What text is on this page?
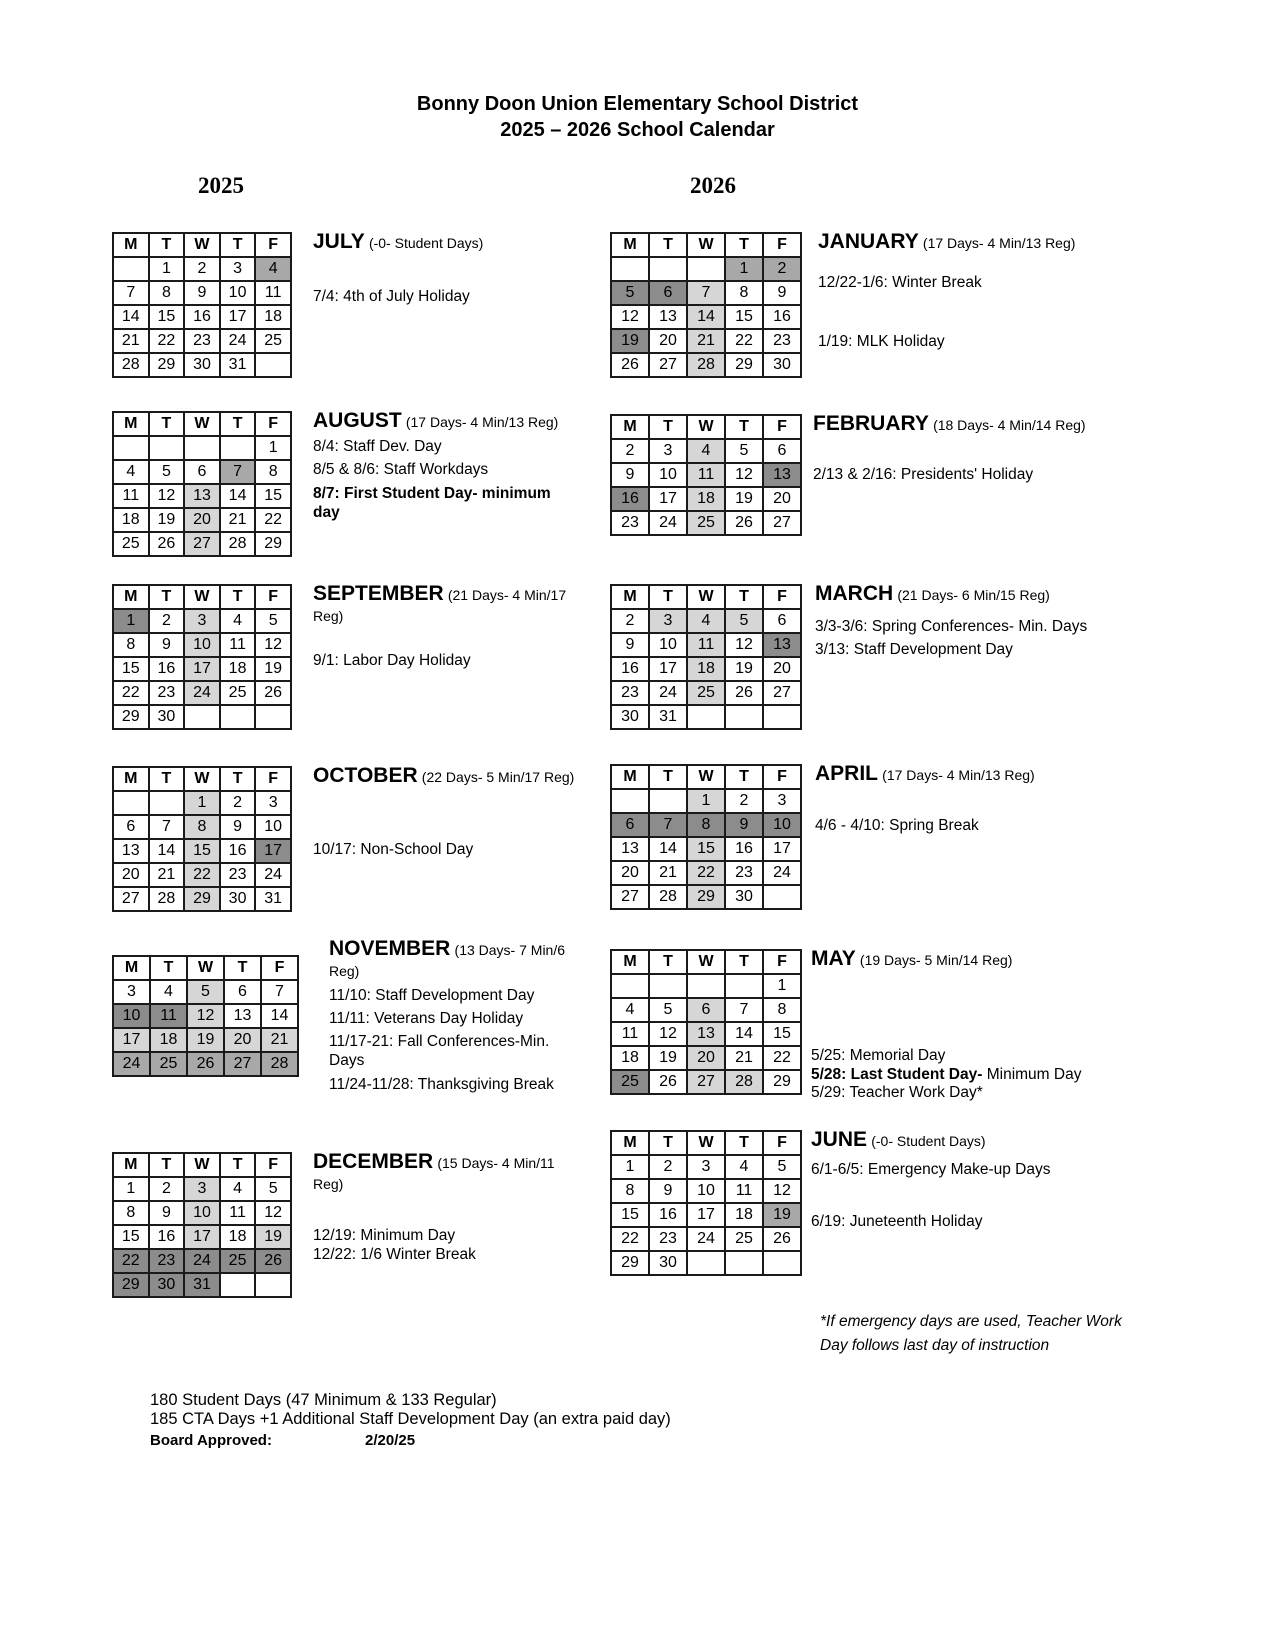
Bonny Doon Union Elementary School District
2025 – 2026 School Calendar
2025	2026
M	T	W	T	F
	1	2	3	4
7	8	9	10	11
14	15	16	17	18
21	22	23	24	25
28	29	30	31	
JULY (-0- Student Days)
7/4: 4th of July Holiday
M	T	W	T	F
				1
4	5	6	7	8
11	12	13	14	15
18	19	20	21	22
25	26	27	28	29
AUGUST (17 Days- 4 Min/13 Reg)
8/4: Staff Dev. Day
8/5 & 8/6: Staff Workdays
8/7: First Student Day- minimum
day
M	T	W	T	F
1	2	3	4	5
8	9	10	11	12
15	16	17	18	19
22	23	24	25	26
29	30			
SEPTEMBER (21 Days- 4 Min/17 Reg)
9/1: Labor Day Holiday
M	T	W	T	F
		1	2	3
6	7	8	9	10
13	14	15	16	17
20	21	22	23	24
27	28	29	30	31
OCTOBER (22 Days- 5 Min/17 Reg)
10/17: Non-School Day
M	T	W	T	F
3	4	5	6	7
10	11	12	13	14
17	18	19	20	21
24	25	26	27	28
NOVEMBER (13 Days- 7 Min/6 Reg)
11/10: Staff Development Day
11/11: Veterans Day Holiday
11/17-21: Fall Conferences-Min. Days
11/24-11/28: Thanksgiving Break
M	T	W	T	F
1	2	3	4	5
8	9	10	11	12
15	16	17	18	19
22	23	24	25	26
29	30	31		
DECEMBER (15 Days- 4 Min/11 Reg)
12/19: Minimum Day
12/22: 1/6 Winter Break
M	T	W	T	F
			1	2
5	6	7	8	9
12	13	14	15	16
19	20	21	22	23
26	27	28	29	30
JANUARY (17 Days- 4 Min/13 Reg)
12/22-1/6: Winter Break
1/19: MLK Holiday
M	T	W	T	F
2	3	4	5	6
9	10	11	12	13
16	17	18	19	20
23	24	25	26	27
FEBRUARY (18 Days- 4 Min/14 Reg)
2/13 & 2/16: Presidents' Holiday
M	T	W	T	F
2	3	4	5	6
9	10	11	12	13
16	17	18	19	20
23	24	25	26	27
30	31			
MARCH (21 Days- 6 Min/15 Reg)
3/3-3/6: Spring Conferences- Min. Days
3/13: Staff Development Day
M	T	W	T	F
		1	2	3
6	7	8	9	10
13	14	15	16	17
20	21	22	23	24
27	28	29	30	
APRIL (17 Days- 4 Min/13 Reg)
4/6 - 4/10: Spring Break
M	T	W	T	F
				1
4	5	6	7	8
11	12	13	14	15
18	19	20	21	22
25	26	27	28	29
MAY (19 Days- 5 Min/14 Reg)
5/25: Memorial Day
5/28: Last Student Day- Minimum Day
5/29: Teacher Work Day*
M	T	W	T	F
1	2	3	4	5
8	9	10	11	12
15	16	17	18	19
22	23	24	25	26
29	30			
JUNE (-0- Student Days)
6/1-6/5: Emergency Make-up Days
6/19: Juneteenth Holiday
*If emergency days are used, Teacher Work
Day follows last day of instruction
180 Student Days (47 Minimum & 133 Regular)
185 CTA Days +1 Additional Staff Development Day (an extra paid day)
Board Approved:	2/20/25
